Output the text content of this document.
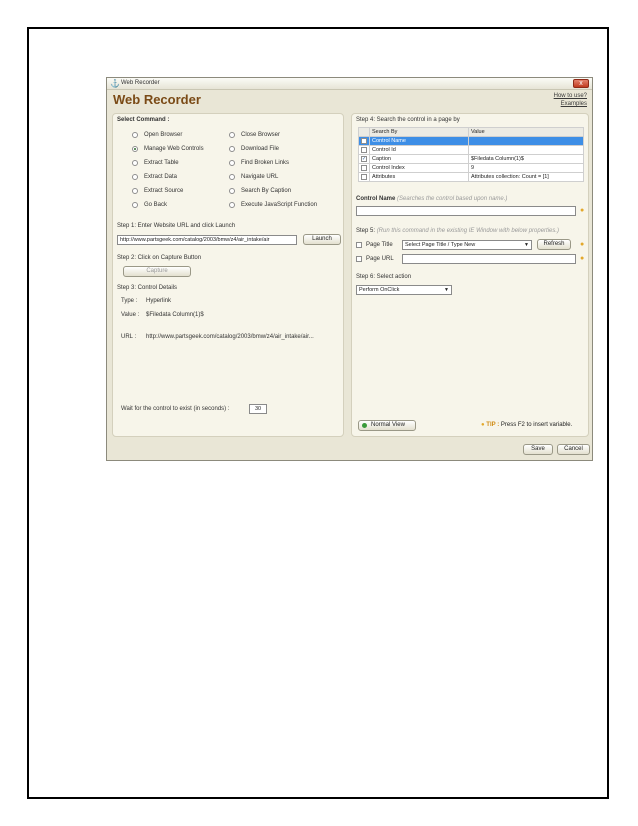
⚓ Web Recorder	x
Web Recorder	How to use?
Examples
Select Command :
Open Browser	Close Browser
Manage Web Controls	Download File
Extract Table	Find Broken Links
Extract Data	Navigate URL
Extract Source	Search By Caption
Go Back	Execute JavaScript Function
Step 1: Enter Website URL and click Launch
http://www.partsgeek.com/catalog/2003/bmw/z4/air_intake/air	Launch
Step 2: Click on Capture Button
Capture
Step 3: Control Details
Type : Hyperlink
Value : $Filedata Column(1)$
URL : http://www.partsgeek.com/catalog/2003/bmw/z4/air_intake/air...
Wait for the control to exist (in seconds) :	30
Step 4: Search the control in a page by
	Search By	Value
	Control Name	
	Control Id	
✓	Caption	$Filedata Column(1)$
	Control Index	9
	Attributes	Attributes collection: Count = [1]
Control Name (Searches the control based upon name.)
●
Step 5: (Run this command in the existing IE Window with below properties.)
Page Title	Select Page Title / Type New	▼	Refresh	●
Page URL	●
Step 6: Select action
Perform OnClick	▼
Normal View	● TIP : Press F2 to insert variable.
Save	Cancel
